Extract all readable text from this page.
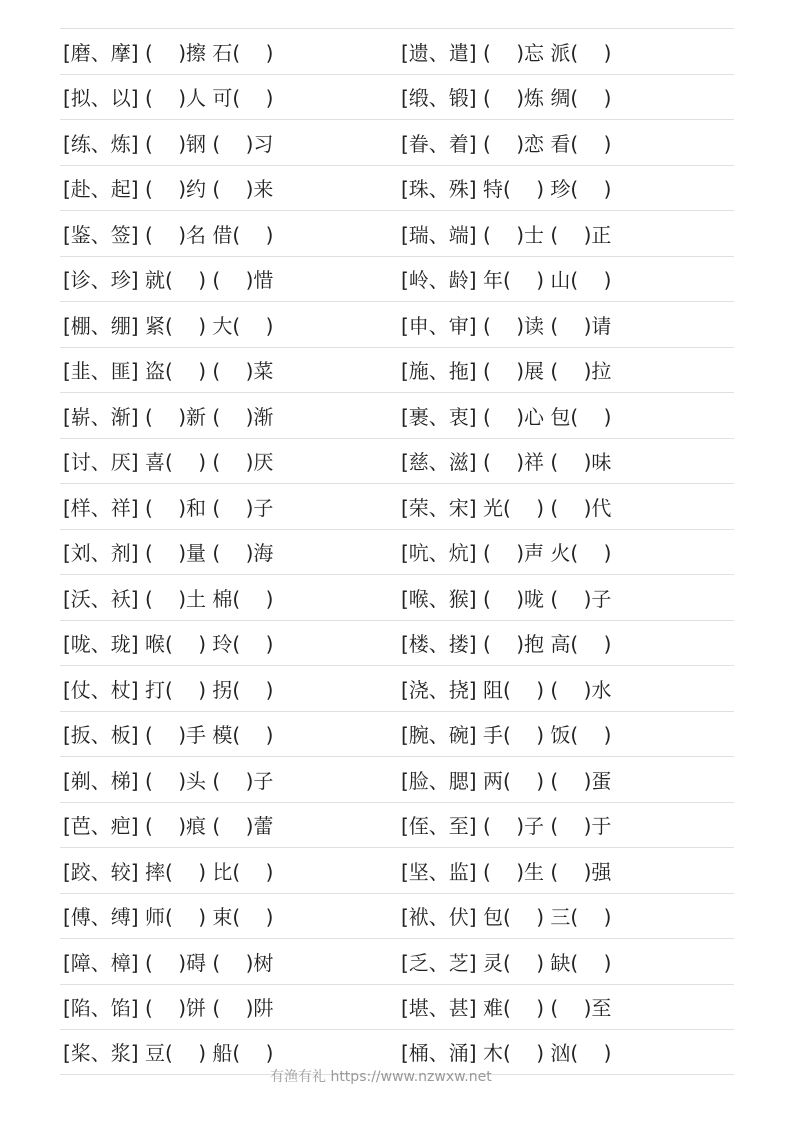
[磨、摩] (    )擦 石(    )	[遗、遣] (    )忘 派(    )
[拟、以] (    )人 可(    )	[缎、锻] (    )炼 绸(    )
[练、炼] (    )钢 (    )习	[眷、着] (    )恋 看(    )
[赴、起] (    )约 (    )来	[珠、殊] 特(    ) 珍(    )
[鉴、签] (    )名 借(    )	[瑞、端] (    )士 (    )正
[诊、珍] 就(    ) (    )惜	[岭、龄] 年(    ) 山(    )
[棚、绷] 紧(    ) 大(    )	[申、审] (    )读 (    )请
[韭、匪] 盗(    ) (    )菜	[施、拖] (    )展 (    )拉
[崭、渐] (    )新 (    )渐	[裹、衷] (    )心 包(    )
[讨、厌] 喜(    ) (    )厌	[慈、滋] (    )祥 (    )味
[样、祥] (    )和 (    )子	[荣、宋] 光(    ) (    )代
[刘、剂] (    )量 (    )海	[吭、炕] (    )声 火(    )
[沃、袄] (    )土 棉(    )	[喉、猴] (    )咙 (    )子
[咙、珑] 喉(    ) 玲(    )	[楼、搂] (    )抱 高(    )
[仗、杖] 打(    ) 拐(    )	[浇、挠] 阻(    ) (    )水
[扳、板] (    )手 模(    )	[腕、碗] 手(    ) 饭(    )
[剃、梯] (    )头 (    )子	[脸、腮] 两(    ) (    )蛋
[芭、疤] (    )痕 (    )蕾	[侄、至] (    )子 (    )于
[跤、较] 摔(    ) 比(    )	[坚、监] (    )生 (    )强
[傅、缚] 师(    ) 束(    )	[袱、伏] 包(    ) 三(    )
[障、樟] (    )碍 (    )树	[乏、芝] 灵(    ) 缺(    )
[陷、馅] (    )饼 (    )阱	[堪、甚] 难(    ) (    )至
[桨、浆] 豆(    ) 船(    )	[桶、涌] 木(    ) 汹(    )
有渔有礼 https://www.nzwxw.net
